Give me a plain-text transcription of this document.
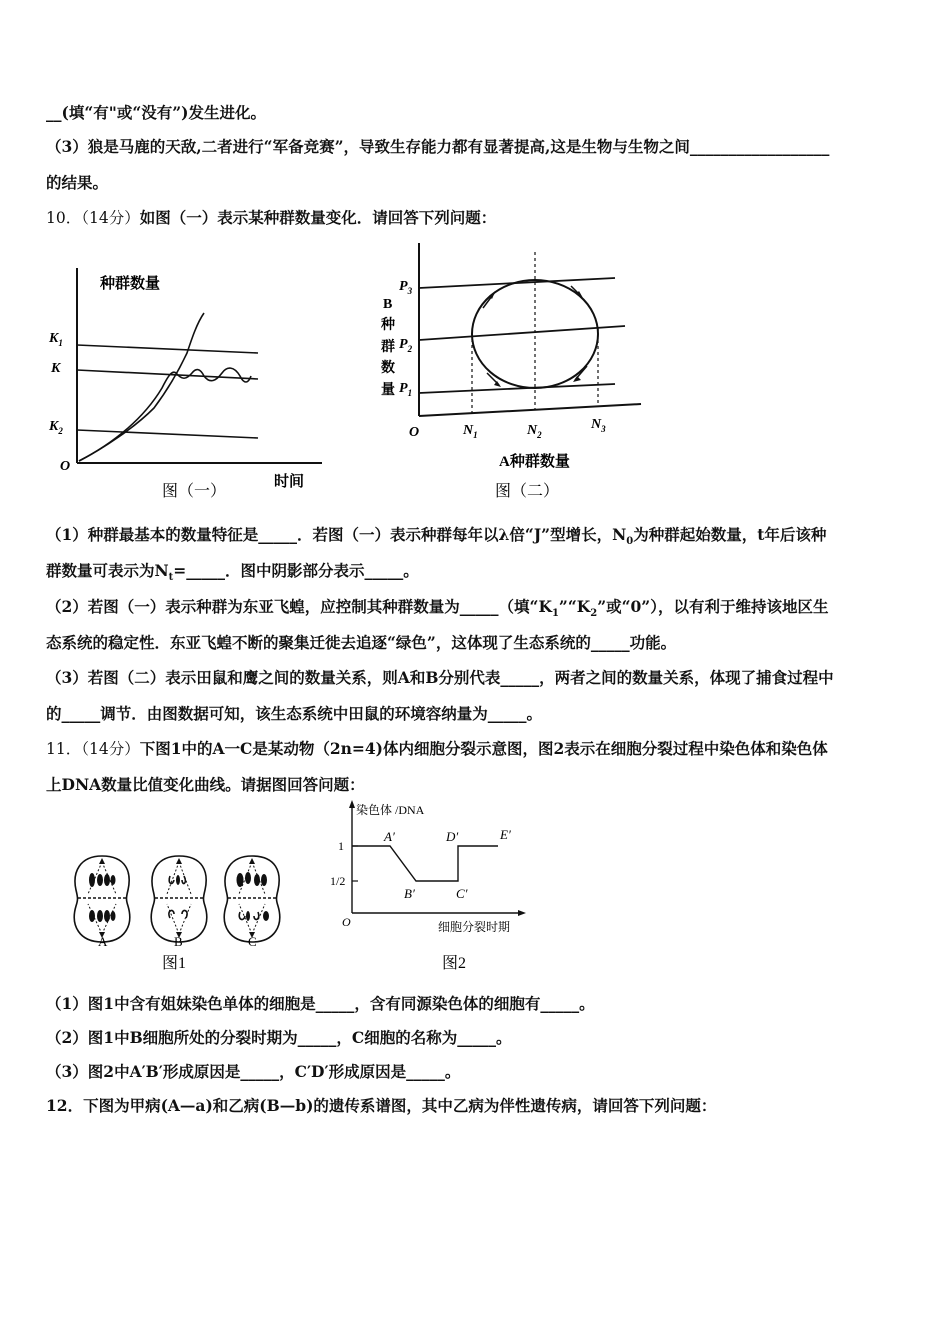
__(填“有"或“没有”)发生进化。
（3）狼是马鹿的天敌,二者进行“军备竞赛”，导致生存能力都有显著提高,这是生物与生物之间__________________
的结果。
10．（14分）如图（一）表示某种群数量变化．请回答下列问题：
种群数量
$K_1$
K
$K_2$
O
时间
图（一）
B
种
群
数
量
$P_3$
$P_2$
$P_1$
O	$N_1$	$N_2$
$N_3$
A种群数量
图（二）
（1）种群最基本的数量特征是_____．若图（一）表示种群每年以λ倍“J”型增长，$N_0$为种群起始数量，t年后该种
群数量可表示为$N_t=\_\_\_\_\_$．图中阴影部分表示_____。
（2）若图（一）表示种群为东亚飞蝗，应控制其种群数量为_____（填“$K_1”“K_2$”或“0”），以有利于维持该地区生
态系统的稳定性．东亚飞蝗不断的聚集迁徙去追逐“绿色”，这体现了生态系统的_____功能。
（3）若图（二）表示田鼠和鹰之间的数量关系，则A和B分别代表_____，两者之间的数量关系，体现了捕食过程中
的_____调节．由图数据可知，该生态系统中田鼠的环境容纳量为_____。
11．（14分）下图1中的A一C是某动物（2n=4)体内细胞分裂示意图，图2表示在细胞分裂过程中染色体和染色体
上DNA数量比值变化曲线。请据图回答问题：
A	B	C
图1
染色体 /DNA
1
1/2
O
A′
B′	C′
D′	E′
细胞分裂时期
图2
（1）图1中含有姐妹染色单体的细胞是_____，含有同源染色体的细胞有_____。
（2）图1中B细胞所处的分裂时期为_____，C细胞的名称为_____。
（3）图2中A′B′形成原因是_____，C′D′形成原因是_____。
12．下图为甲病(A—a)和乙病(B—b)的遗传系谱图，其中乙病为伴性遗传病，请回答下列问题：
